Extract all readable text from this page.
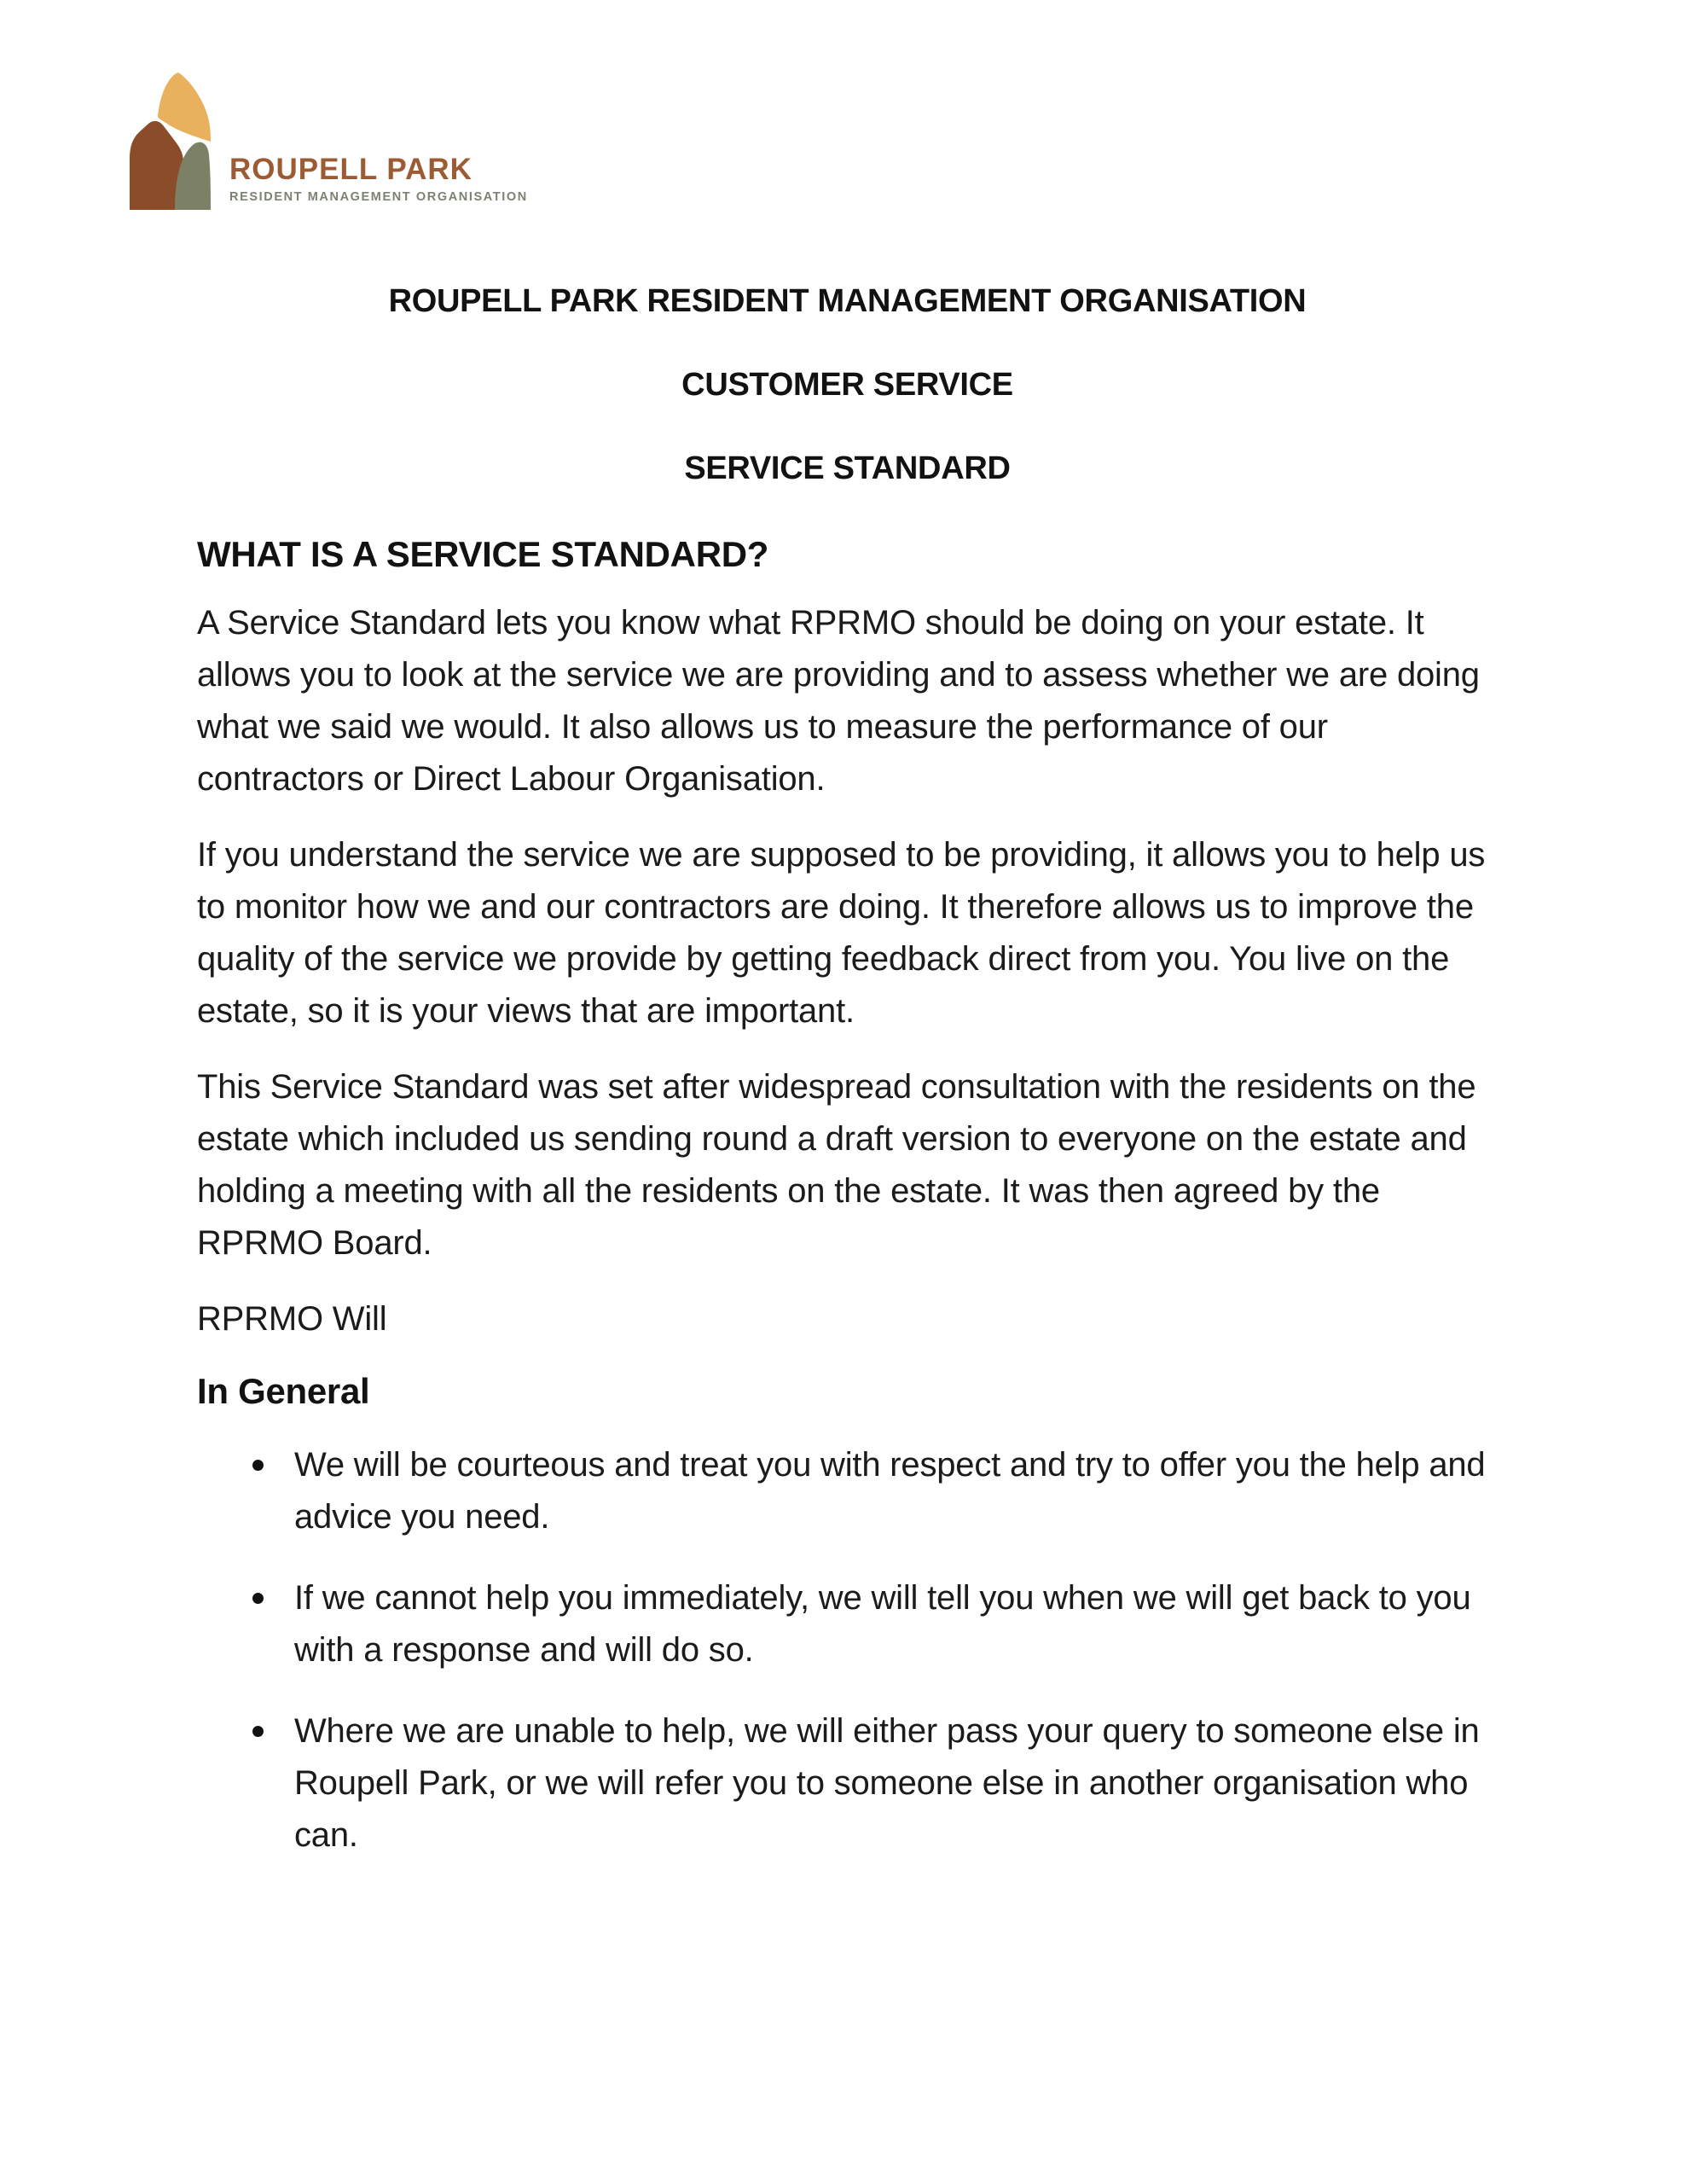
ROUPELL PARK
RESIDENT MANAGEMENT ORGANISATION
ROUPELL PARK RESIDENT MANAGEMENT ORGANISATION
CUSTOMER SERVICE
SERVICE STANDARD
WHAT IS A SERVICE STANDARD?

A Service Standard lets you know what RPRMO should be doing on your estate. It allows you to look at the service we are providing and to assess whether we are doing what we said we would. It also allows us to measure the performance of our contractors or Direct Labour Organisation.

If you understand the service we are supposed to be providing, it allows you to help us to monitor how we and our contractors are doing. It therefore allows us to improve the quality of the service we provide by getting feedback direct from you. You live on the estate, so it is your views that are important.

This Service Standard was set after widespread consultation with the residents on the estate which included us sending round a draft version to everyone on the estate and holding a meeting with all the residents on the estate. It was then agreed by the RPRMO Board.

RPRMO Will

In General
We will be courteous and treat you with respect and try to offer you the help and advice you need.
If we cannot help you immediately, we will tell you when we will get back to you with a response and will do so.
Where we are unable to help, we will either pass your query to someone else in Roupell Park, or we will refer you to someone else in another organisation who can.
